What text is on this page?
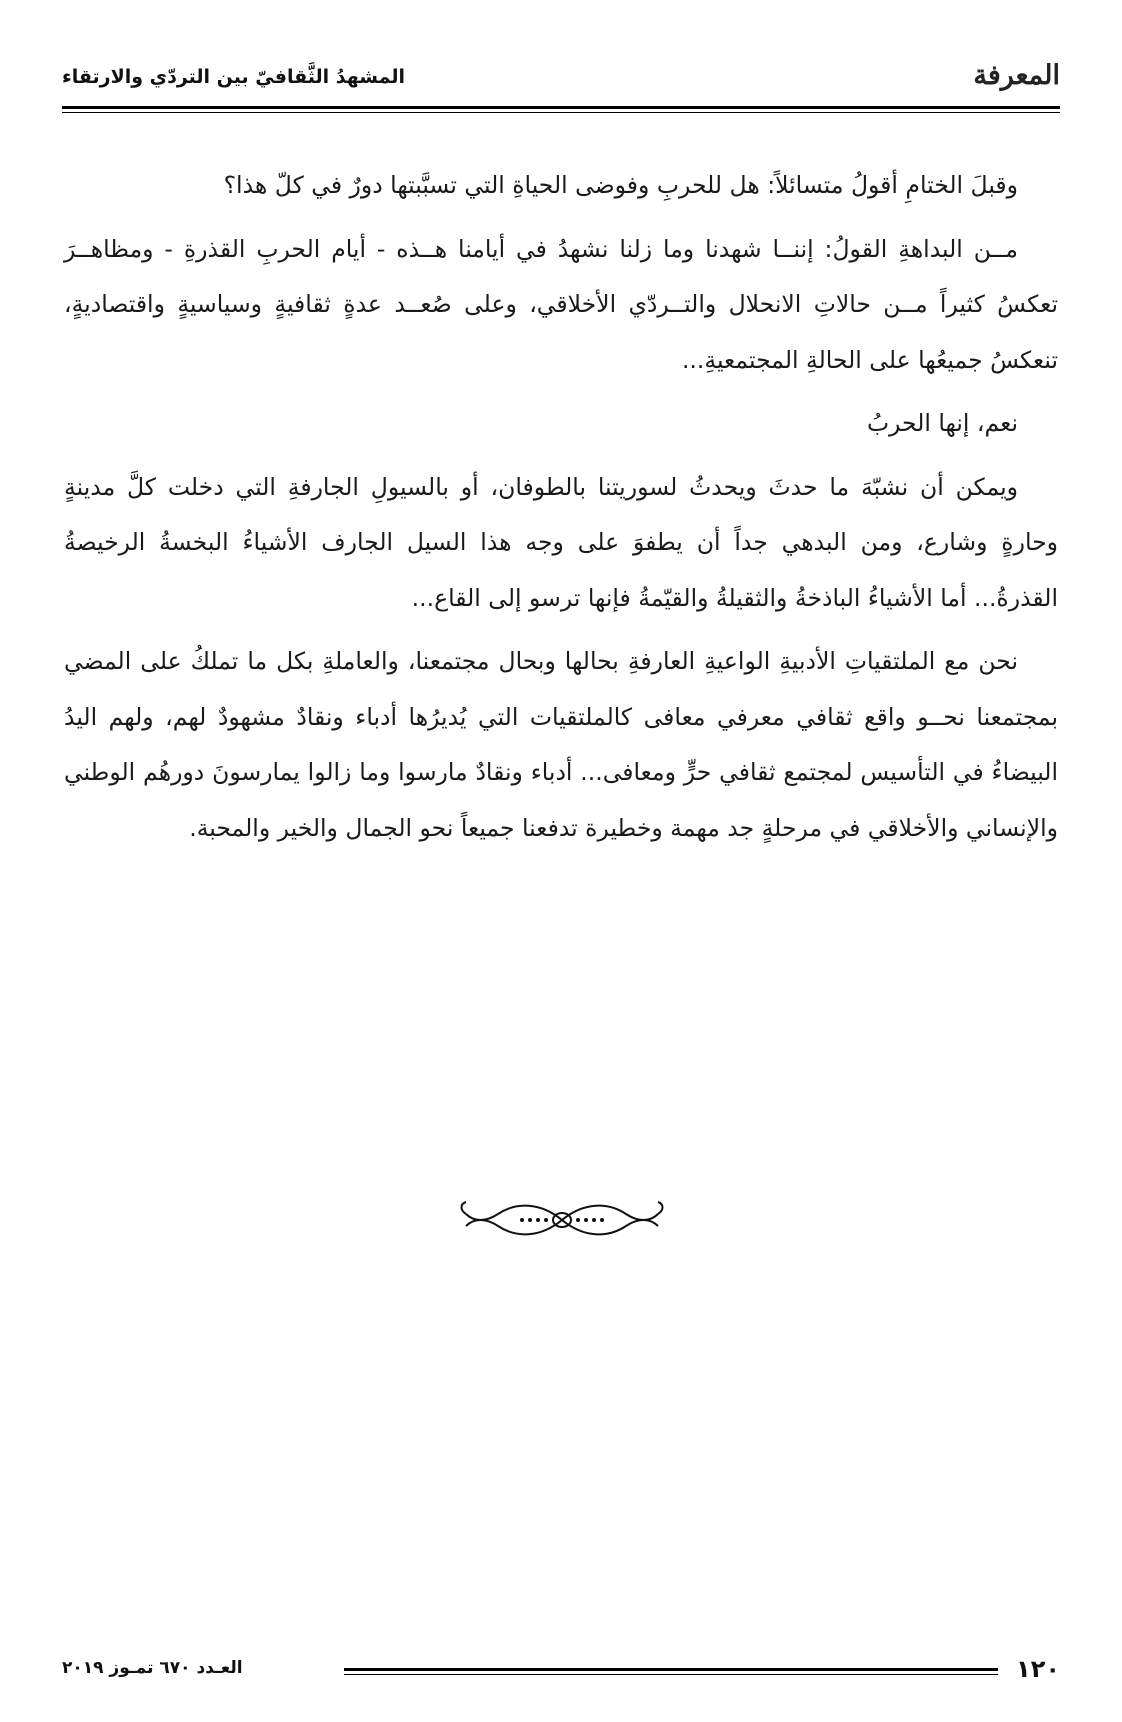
المعرفة
المشهدُ الثَّقافيّ بين التردّي والارتقاء

وقبلَ الختامِ أقولُ متسائلاً: هل للحربِ وفوضى الحياةِ التي تسبَّبتها دورٌ في كلّ هذا؟

مــن البداهةِ القولُ: إننــا شهدنا وما زلنا نشهدُ في أيامنا هــذه - أيام الحربِ القذرةِ - ومظاهــرَ تعكسُ كثيراً مــن حالاتِ الانحلال والتــردّي الأخلاقي، وعلى صُعــد عدةٍ ثقافيةٍ وسياسيةٍ واقتصاديةٍ، تنعكسُ جميعُها على الحالةِ المجتمعيةِ...

نعم، إنها الحربُ

ويمكن أن نشبّهَ ما حدثَ ويحدثُ لسوريتنا بالطوفان، أو بالسيولِ الجارفةِ التي دخلت كلَّ مدينةٍ وحارةٍ وشارع، ومن البدهي جداً أن يطفوَ على وجه هذا السيل الجارف الأشياءُ البخسةُ الرخيصةُ القذرةُ... أما الأشياءُ الباذخةُ والثقيلةُ والقيّمةُ فإنها ترسو إلى القاع...

نحن مع الملتقياتِ الأدبيةِ الواعيةِ العارفةِ بحالها وبحال مجتمعنا، والعاملةِ بكل ما تملكُ على المضي بمجتمعنا نحــو واقع ثقافي معرفي معافى كالملتقيات التي يُديرُها أدباء ونقادٌ مشهودٌ لهم، ولهم اليدُ البيضاءُ في التأسيس لمجتمع ثقافي حرٍّ ومعافى... أدباء ونقادٌ مارسوا وما زالوا يمارسونَ دورهُم الوطني والإنساني والأخلاقي في مرحلةٍ جد مهمة وخطيرة تدفعنا جميعاً نحو الجمال والخير والمحبة.

١٢٠
العـدد ٦٧٠ تمـوز ٢٠١٩
